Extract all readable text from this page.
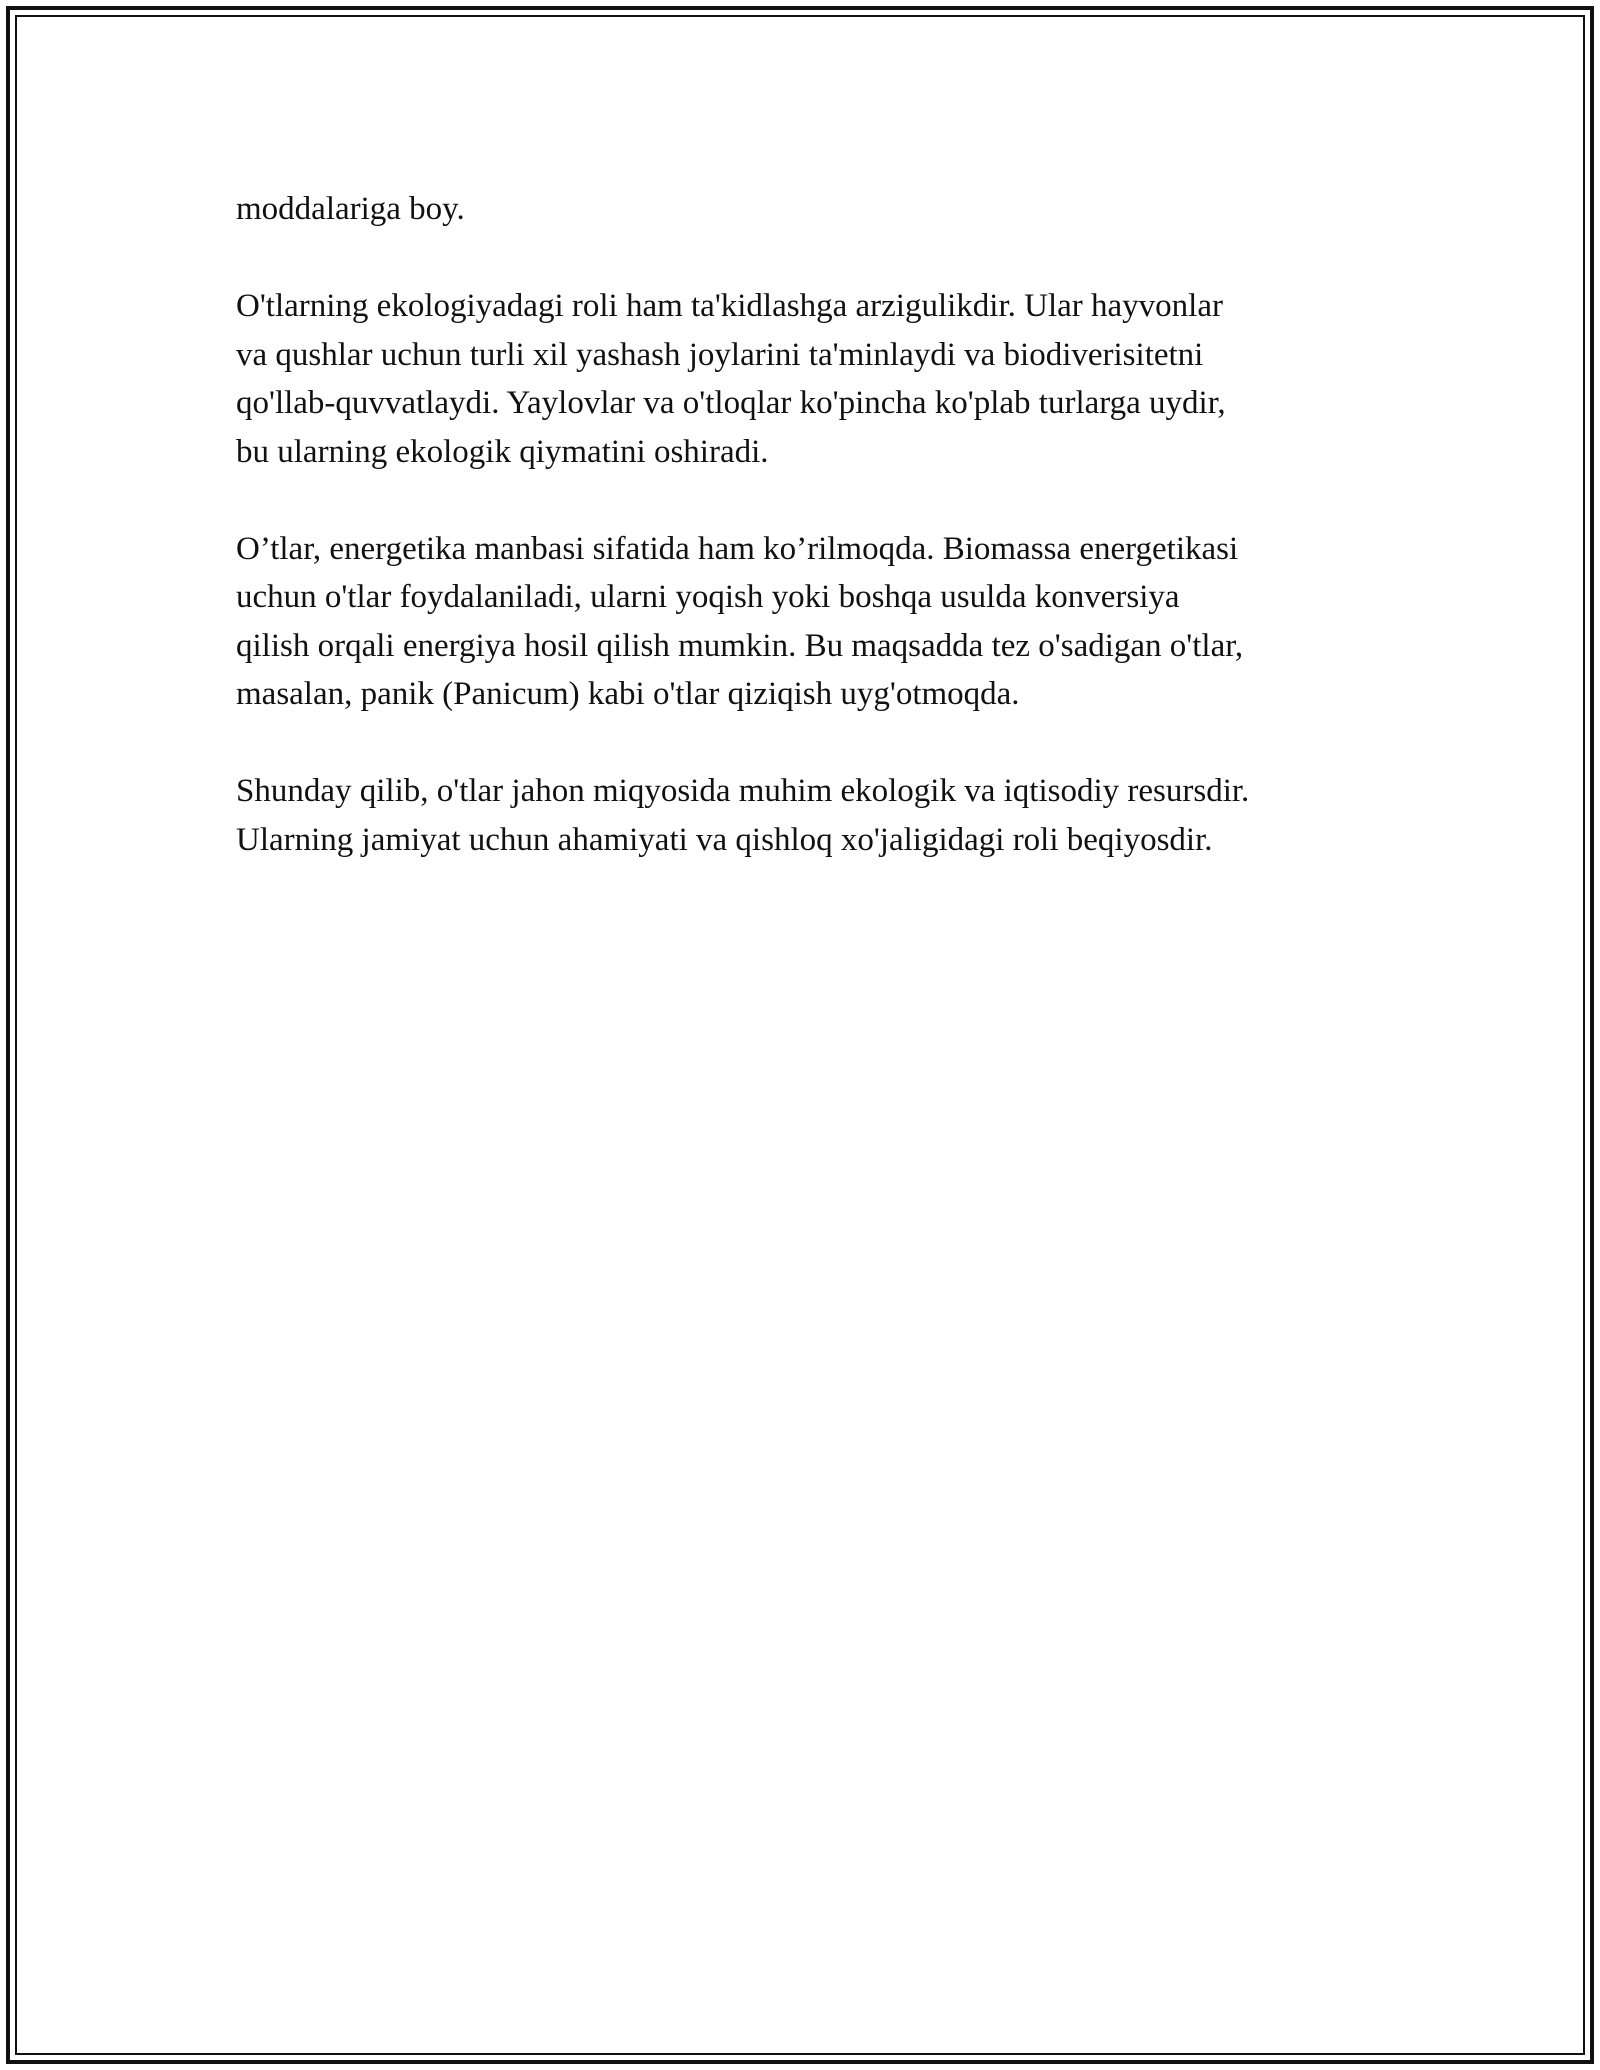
moddalariga boy.

O'tlarning ekologiyadagi roli ham ta'kidlashga arzigulikdir. Ular hayvonlar
va qushlar uchun turli xil yashash joylarini ta'minlaydi va biodiverisitetni
qo'llab-quvvatlaydi. Yaylovlar va o'tloqlar ko'pincha ko'plab turlarga uydir,
bu ularning ekologik qiymatini oshiradi.

O’tlar, energetika manbasi sifatida ham ko’rilmoqda. Biomassa energetikasi
uchun o'tlar foydalaniladi, ularni yoqish yoki boshqa usulda konversiya
qilish orqali energiya hosil qilish mumkin. Bu maqsadda tez o'sadigan o'tlar,
masalan, panik (Panicum) kabi o'tlar qiziqish uyg'otmoqda.

Shunday qilib, o'tlar jahon miqyosida muhim ekologik va iqtisodiy resursdir.
Ularning jamiyat uchun ahamiyati va qishloq xo'jaligidagi roli beqiyosdir.
